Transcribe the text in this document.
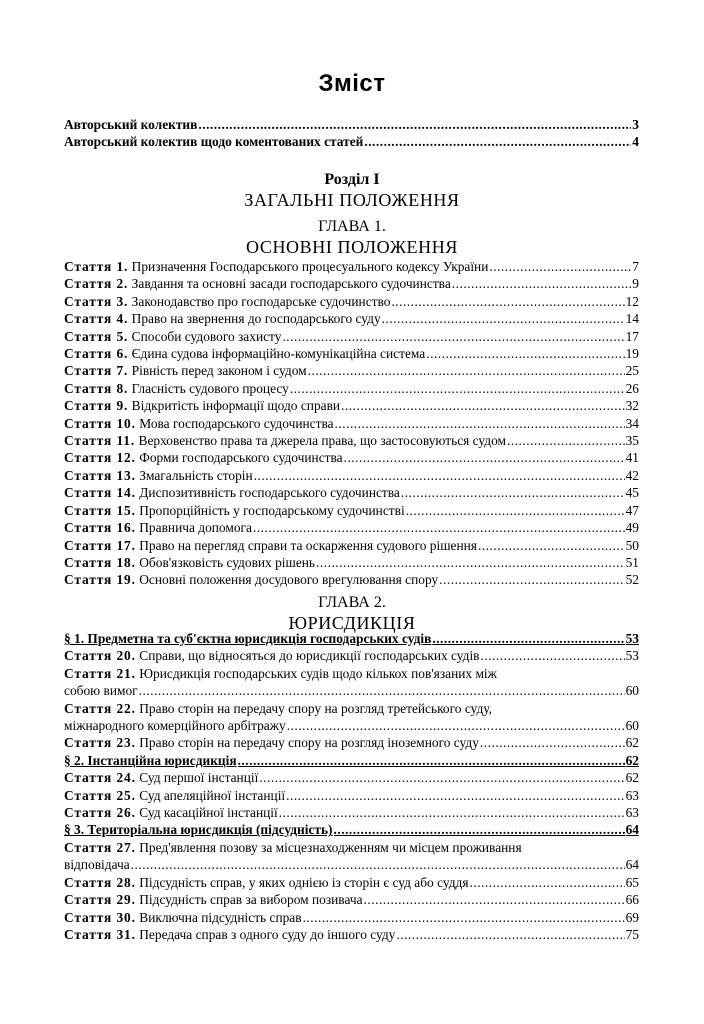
Зміст
Авторський колектив .....	3
Авторський колектив щодо коментованих статей .....	4
Розділ I
ЗАГАЛЬНІ ПОЛОЖЕННЯ
ГЛАВА 1.
ОСНОВНІ ПОЛОЖЕННЯ
Стаття 1. Призначення Господарського процесуального кодексу України .....	7
Стаття 2. Завдання та основні засади господарського судочинства .....	9
Стаття 3. Законодавство про господарське судочинство .....	12
Стаття 4. Право на звернення до господарського суду .....	14
Стаття 5. Способи судового захисту .....	17
Стаття 6. Єдина судова інформаційно-комунікаційна система .....	19
Стаття 7. Рівність перед законом і судом .....	25
Стаття 8. Гласність судового процесу .....	26
Стаття 9. Відкритість інформації щодо справи .....	32
Стаття 10. Мова господарського судочинства .....	34
Стаття 11. Верховенство права та джерела права, що застосовуються судом .....	35
Стаття 12. Форми господарського судочинства .....	41
Стаття 13. Змагальність сторін .....	42
Стаття 14. Диспозитивність господарського судочинства .....	45
Стаття 15. Пропорційність у господарському судочинстві .....	47
Стаття 16. Правнича допомога .....	49
Стаття 17. Право на перегляд справи та оскарження судового рішення .....	50
Стаття 18. Обов'язковість судових рішень .....	51
Стаття 19. Основні положення досудового врегулювання спору .....	52
ГЛАВА 2.
ЮРИСДИКЦІЯ
§ 1. Предметна та суб'єктна юрисдикція господарських судів .....	53
Стаття 20. Справи, що відносяться до юрисдикції господарських судів .....	53
Стаття 21. Юрисдикція господарських судів щодо кількох пов'язаних між
собою вимог .....	60
Стаття 22. Право сторін на передачу спору на розгляд третейського суду,
міжнародного комерційного арбітражу .....	60
Стаття 23. Право сторін на передачу спору на розгляд іноземного суду .....	62
§ 2. Інстанційна юрисдикція .....	62
Стаття 24. Суд першої інстанції .....	62
Стаття 25. Суд апеляційної інстанції .....	63
Стаття 26. Суд касаційної інстанції .....	63
§ 3. Територіальна юрисдикція (підсудність) .....	64
Стаття 27. Пред'явлення позову за місцезнаходженням чи місцем проживання
відповідача .....	64
Стаття 28. Підсудність справ, у яких однією із сторін є суд або суддя .....	65
Стаття 29. Підсудність справ за вибором позивача .....	66
Стаття 30. Виключна підсудність справ .....	69
Стаття 31. Передача справ з одного суду до іншого суду .....	75
